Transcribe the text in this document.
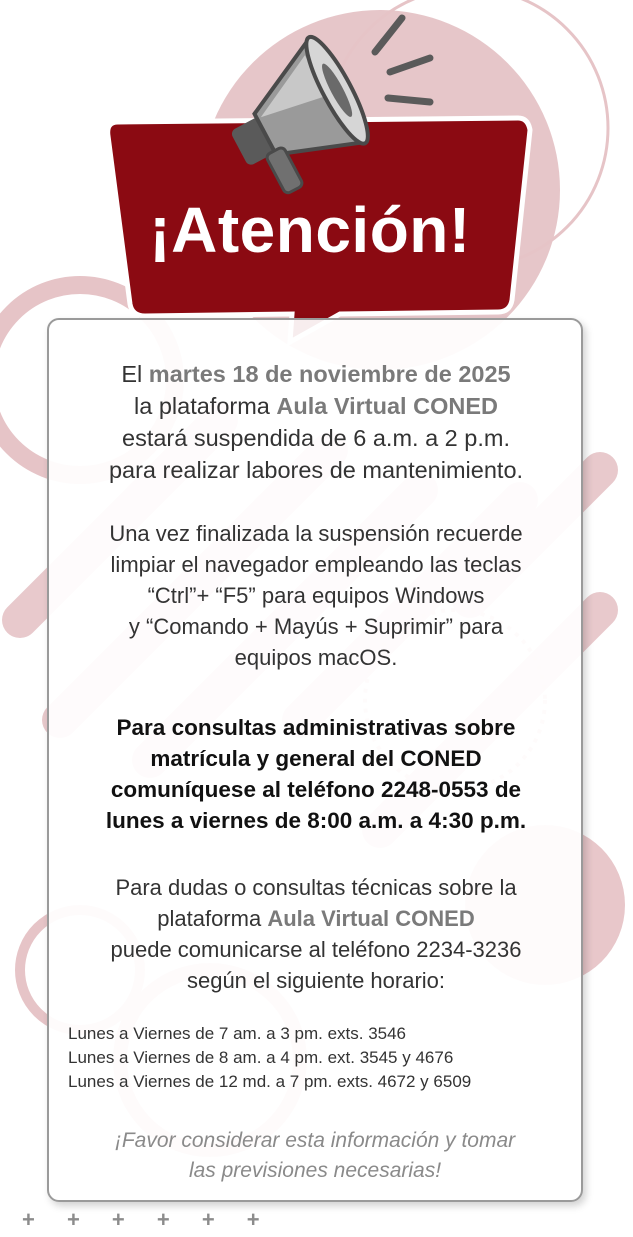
¡Atención!

El martes 18 de noviembre de 2025
la plataforma Aula Virtual CONED
estará suspendida de 6 a.m. a 2 p.m.
para realizar labores de mantenimiento.

Una vez finalizada la suspensión recuerde
limpiar el navegador empleando las teclas
“Ctrl”+ “F5” para equipos Windows
y “Comando + Mayús + Suprimir” para
equipos macOS.

Para consultas administrativas sobre
matrícula y general del CONED
comuníquese al teléfono 2248-0553 de
lunes a viernes de 8:00 a.m. a 4:30 p.m.

Para dudas o consultas técnicas sobre la
plataforma Aula Virtual CONED
puede comunicarse al teléfono 2234-3236
según el siguiente horario:

Lunes a Viernes de 7 am. a 3 pm. exts. 3546
Lunes a Viernes de 8 am. a 4 pm. ext. 3545 y 4676
Lunes a Viernes de 12 md. a 7 pm. exts. 4672 y 6509

¡Favor considerar esta información y tomar
las previsiones necesarias!

+ + + + + +
